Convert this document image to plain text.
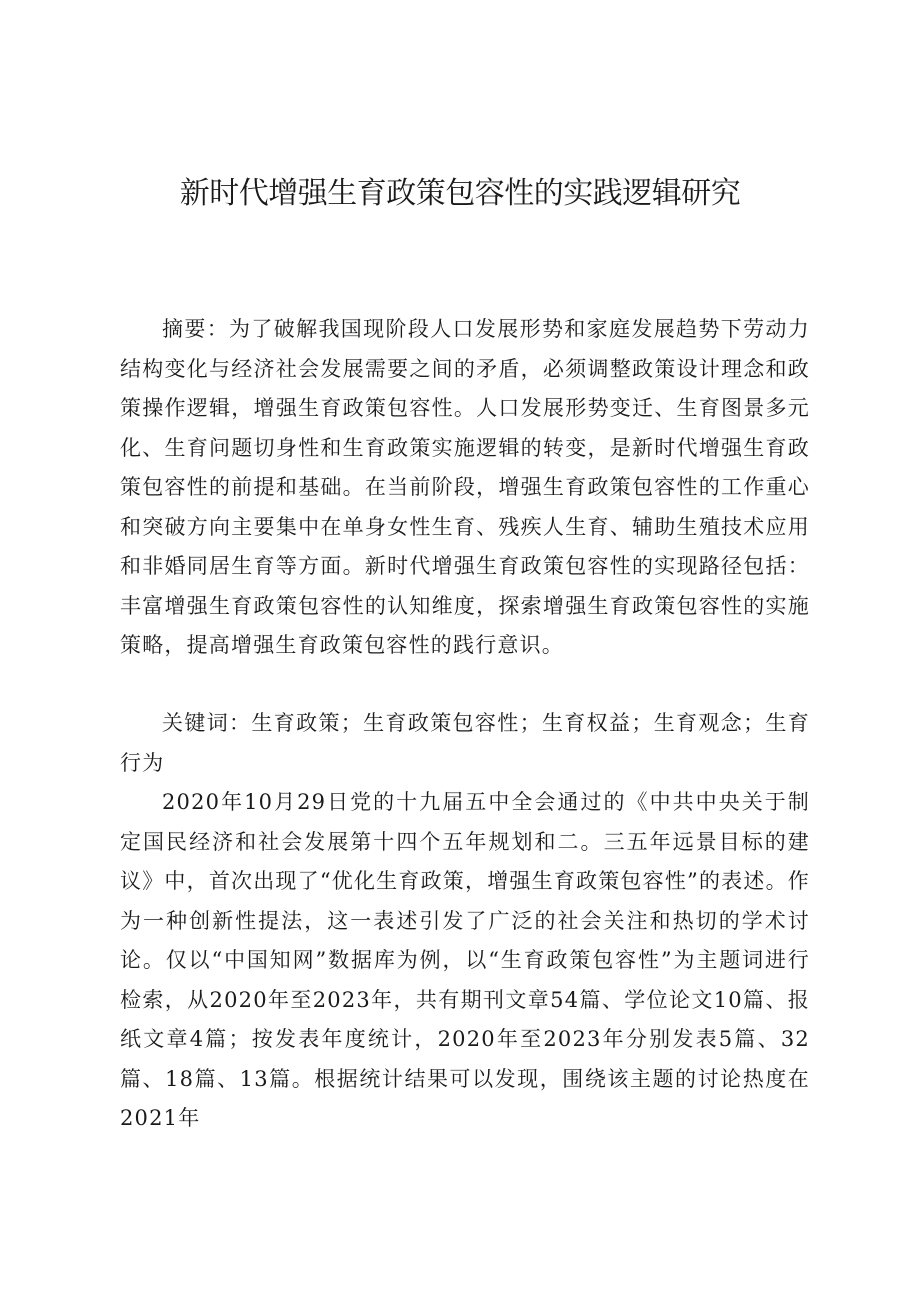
新时代增强生育政策包容性的实践逻辑研究

摘要：为了破解我国现阶段人口发展形势和家庭发展趋势下劳动力结构变化与经济社会发展需要之间的矛盾，必须调整政策设计理念和政策操作逻辑，增强生育政策包容性。人口发展形势变迁、生育图景多元化、生育问题切身性和生育政策实施逻辑的转变，是新时代增强生育政策包容性的前提和基础。在当前阶段，增强生育政策包容性的工作重心和突破方向主要集中在单身女性生育、残疾人生育、辅助生殖技术应用和非婚同居生育等方面。新时代增强生育政策包容性的实现路径包括：丰富增强生育政策包容性的认知维度，探索增强生育政策包容性的实施策略，提高增强生育政策包容性的践行意识。

关键词：生育政策；生育政策包容性；生育权益；生育观念；生育行为

2020年10月29日党的十九届五中全会通过的《中共中央关于制定国民经济和社会发展第十四个五年规划和二。三五年远景目标的建议》中，首次出现了“优化生育政策，增强生育政策包容性”的表述。作为一种创新性提法，这一表述引发了广泛的社会关注和热切的学术讨论。仅以“中国知网”数据库为例，以“生育政策包容性”为主题词进行检索，从2020年至2023年，共有期刊文章54篇、学位论文10篇、报纸文章4篇；按发表年度统计，2020年至2023年分别发表5篇、32篇、18篇、13篇。根据统计结果可以发现，围绕该主题的讨论热度在2021年
